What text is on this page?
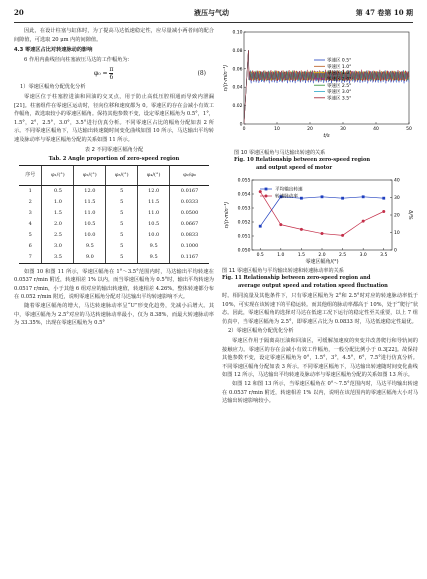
20	液压与气动	第 47 卷第 10 期

因此，在设计柱塞与缸体时，为了提高马达低速稳定性，应尽量减小两者间的配合间隙值，可选取 20 μm 内的间隙值。

4.3 零速区占比对转速脉动的影响

6 作用内曲线径向柱塞液压马达的工作幅角为：

$\varphi_0 = \frac{\pi}{6}$	(8)

1）零速区幅角分配优化分析

零速区位于柱塞腔进油和回油的交叉点，用于防止高低压腔相通而导致内泄漏[21]。柱塞组件在零速区运动时，径向位移和速度都为 0。零速区的存在会减小有效工作幅角，故选取较小的零速区幅角。保持其他参数不变，设定零速区幅角为 0.5°，1°，1.5°，2°，2.5°，3.0°，3.5°进行仿真分析。不同零速区占比的幅角分配如表 2 所示。不同零速区幅角下，马达输出转速随时间变化曲线如图 10 所示，马达输出平均转速及脉动率与零速区幅角分配的关系如图 11 所示。

表 2 不同零速区幅角分配
Tab. 2 Angle proportion of zero-speed region
序号	φ₁/(°)	φ₂/(°)	φ₃/(°)	φ₄/(°)	φ₂/φ₀
1	0.5	12.0	5	12.0	0.0167
2	1.0	11.5	5	11.5	0.0333
3	1.5	11.0	5	11.0	0.0500
4	2.0	10.5	5	10.5	0.0667
5	2.5	10.0	5	10.0	0.0833
6	3.0	9.5	5	9.5	0.1000
7	3.5	9.0	5	9.5	0.1167

如图 10 和图 11 所示，零速区幅角在 1°～3.5°范围内时，马达输出平均转速在 0.0537 r/min 附近，转速相差 1% 以内，而当零速区幅角为 0.5°时，输出平均转速为 0.0517 r/min，小于其他 6 组对应的输出转速值，转速相差 4.26%。整体转速都分布在 0.052 r/min 附近，说明零速区幅角分配对马达输出平均转速影响不大。

随着零速区幅角的增大，马达转速脉动率呈“U”形变化趋势，先减小后增大。其中，零速区幅角为 2.5°对应的马达转速脉动率最小，仅为 8.38%，而最大转速脉动率为 33.35%，出现在零速区幅角为 0.5°

0	10	20	30	40	50
0
0.02
0.04
0.06
0.08
0.10
t/s
n/(r·min⁻¹)
零速区 0.5°
零速区 1.0°
零速区 1.5°
零速区 2.0°
零速区 2.5°
零速区 3.0°
零速区 3.5°
图 10 零速区幅角与马达输出转速的关系
Fig. 10 Relationship between zero-speed region
and output speed of motor
0.5	1.0	1.5	2.0	2.5	3.0	3.5
0.050
0.051
0.052
0.053
0.054
0.055
0
10
20
30
40
零速区幅角/(°)
n/(r·min⁻¹)	δ/%
平均输出转速
转速脉动率
图 11 零速区幅角与平均输出转速和转速脉动率的关系
Fig. 11 Relationship between zero-speed region and
average output speed and rotation speed fluctuation

时。相同流量及其他条件下，只有零速区幅角为 2°和 2.5°时对应的转速脉动率低于 10%，可实现在该转速下的平稳运转。而其他组的脉动率都高于 10%，处于“爬行”状态。因此，零速区幅角的选择对马达在低速工况下运行的稳定性至关重要，以上 7 组仿真中，当零速区幅角为 2.5°，即零速区占比为 0.0833 时，马达低速稳定性最优。

2）零速区幅角分配优化分析

零速区作用于隔离高压油和回油区，可缓解加速度的突变并改善爬行和导轨间的接触应力。零速区的存在会减小有效工作幅角，一般分配比例小于 0.3[22]。故保持其他参数不变，设定零速区幅角为 0°，1.5°，3°，4.5°，6°，7.5°进行仿真分析。不同零速区幅角分配如表 3 所示。不同零速区幅角下，马达输出转速随时间变化曲线如图 12 所示，马达输出平均转速及脉动率与零速区幅角分配的关系如图 13 所示。

如图 12 和图 13 所示，当零速区幅角在 0°～7.5°范围内时，马达平均输出转速在 0.0537 r/min 附近，转速相差 1% 以内，说明在该范围内的零速区幅角大小对马达输出转速影响较小。
